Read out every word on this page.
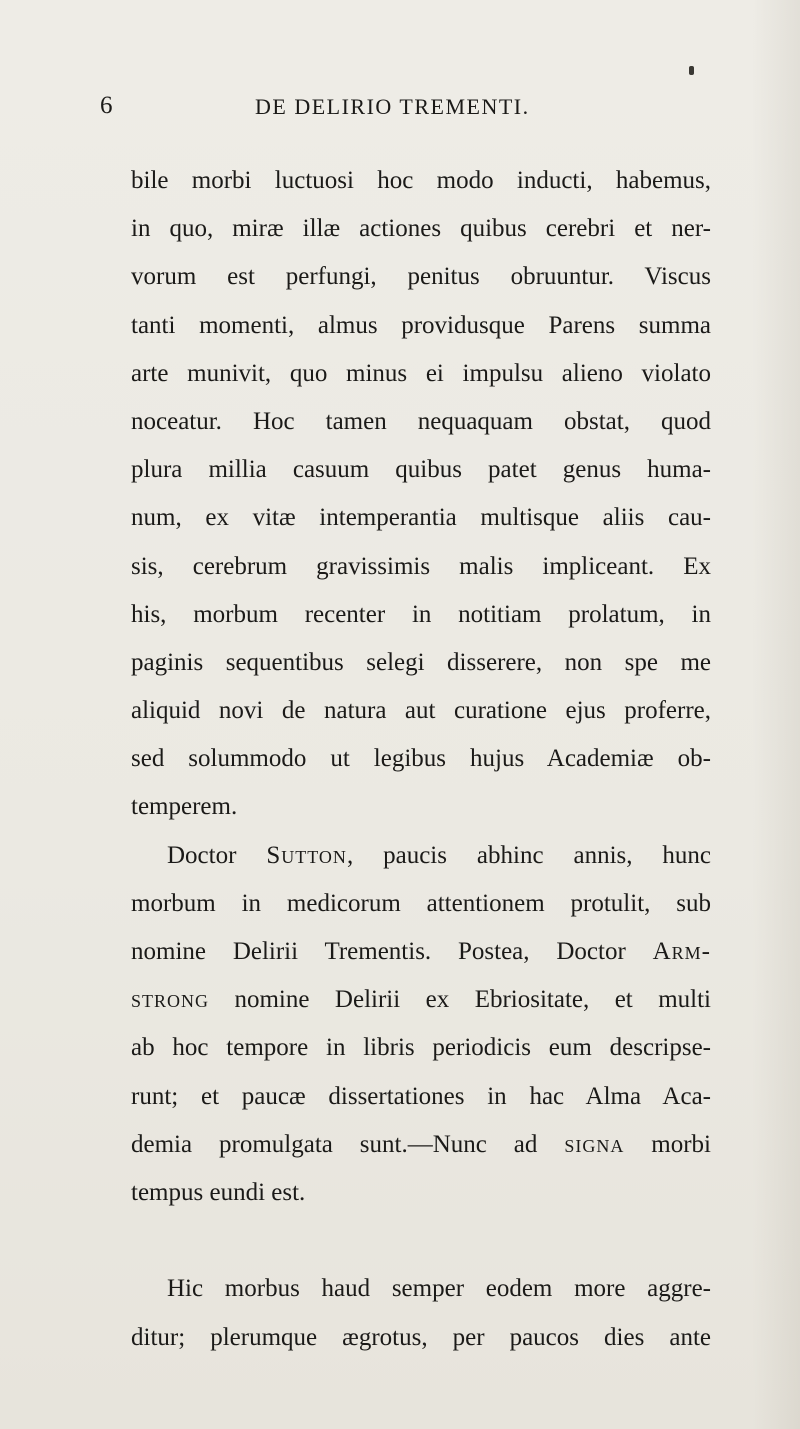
6	DE DELIRIO TREMENTI.
bile morbi luctuosi hoc modo inducti, habemus,
in quo, miræ illæ actiones quibus cerebri et ner-
vorum est perfungi, penitus obruuntur. Viscus
tanti momenti, almus providusque Parens summa
arte munivit, quo minus ei impulsu alieno violato
noceatur. Hoc tamen nequaquam obstat, quod
plura millia casuum quibus patet genus huma-
num, ex vitæ intemperantia multisque aliis cau-
sis, cerebrum gravissimis malis impliceant. Ex
his, morbum recenter in notitiam prolatum, in
paginis sequentibus selegi disserere, non spe me
aliquid novi de natura aut curatione ejus proferre,
sed solummodo ut legibus hujus Academiæ ob-
temperem.
Doctor Sutton, paucis abhinc annis, hunc
morbum in medicorum attentionem protulit, sub
nomine Delirii Trementis. Postea, Doctor Arm-
strong nomine Delirii ex Ebriositate, et multi
ab hoc tempore in libris periodicis eum descripse-
runt; et paucæ dissertationes in hac Alma Aca-
demia promulgata sunt.—Nunc ad signa morbi
tempus eundi est.
Hic morbus haud semper eodem more aggre-
ditur; plerumque ægrotus, per paucos dies ante
